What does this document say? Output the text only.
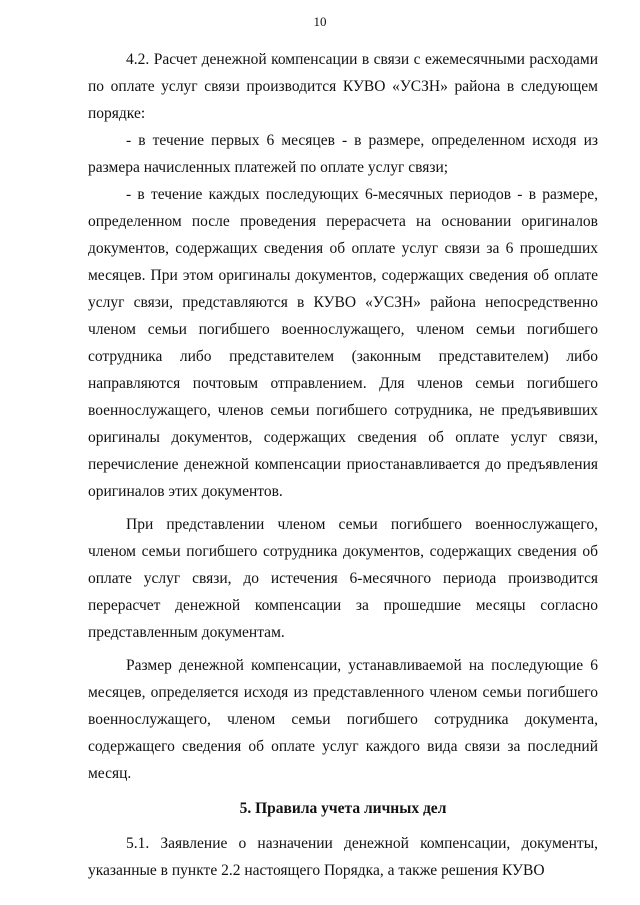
10

4.2. Расчет денежной компенсации в связи с ежемесячными расходами по оплате услуг связи производится КУВО «УСЗН» района в следующем порядке:

- в течение первых 6 месяцев - в размере, определенном исходя из размера начисленных платежей по оплате услуг связи;

- в течение каждых последующих 6-месячных периодов - в размере, определенном после проведения перерасчета на основании оригиналов документов, содержащих сведения об оплате услуг связи за 6 прошедших месяцев. При этом оригиналы документов, содержащих сведения об оплате услуг связи, представляются в КУВО «УСЗН» района непосредственно членом семьи погибшего военнослужащего, членом семьи погибшего сотрудника либо представителем (законным представителем) либо направляются почтовым отправлением. Для членов семьи погибшего военнослужащего, членов семьи погибшего сотрудника, не предъявивших оригиналы документов, содержащих сведения об оплате услуг связи, перечисление денежной компенсации приостанавливается до предъявления оригиналов этих документов.

При представлении членом семьи погибшего военнослужащего, членом семьи погибшего сотрудника документов, содержащих сведения об оплате услуг связи, до истечения 6-месячного периода производится перерасчет денежной компенсации за прошедшие месяцы согласно представленным документам.

Размер денежной компенсации, устанавливаемой на последующие 6 месяцев, определяется исходя из представленного членом семьи погибшего военнослужащего, членом семьи погибшего сотрудника документа, содержащего сведения об оплате услуг каждого вида связи за последний месяц.

5. Правила учета личных дел

5.1. Заявление о назначении денежной компенсации, документы, указанные в пункте 2.2 настоящего Порядка, а также решения КУВО
